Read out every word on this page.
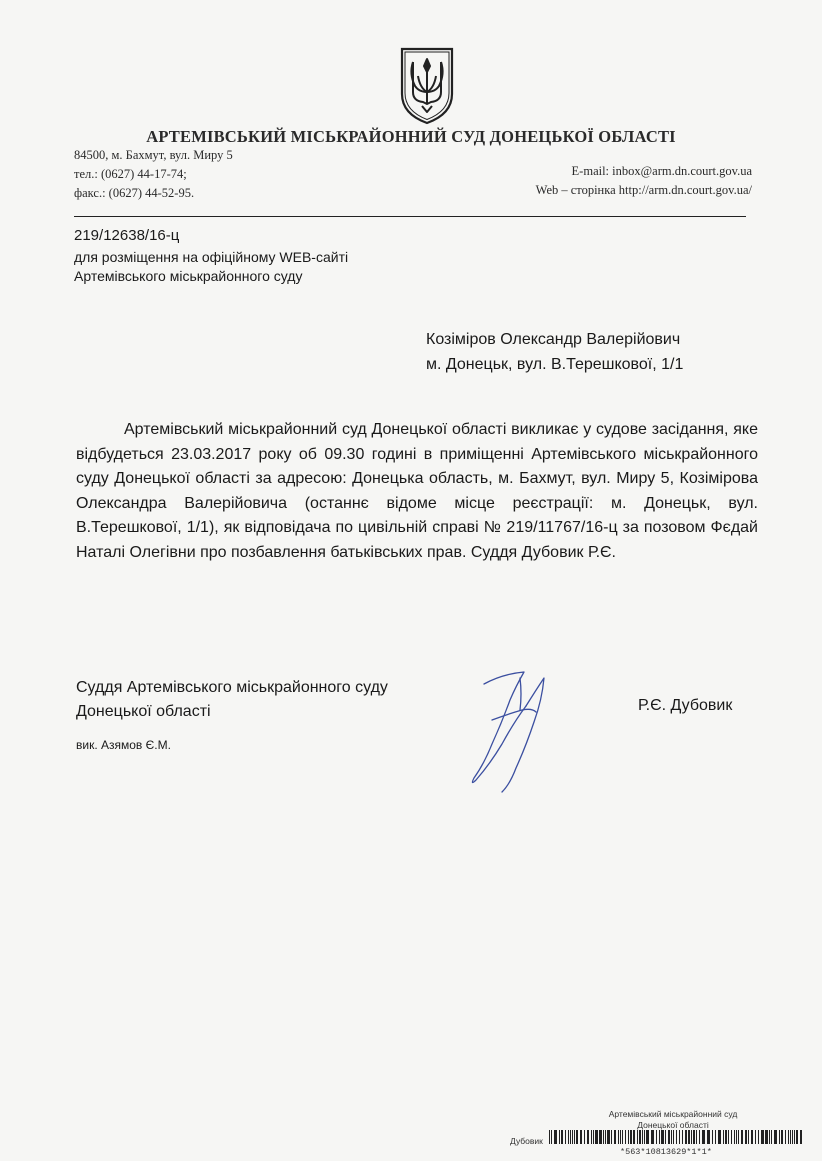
АРТЕМІВСЬКИЙ МІСЬКРАЙОННИЙ СУД ДОНЕЦЬКОЇ ОБЛАСТІ
84500, м. Бахмут, вул. Миру 5
тел.: (0627) 44-17-74;
факс.: (0627) 44-52-95.
E-mail: inbox@arm.dn.court.gov.ua
Web – сторінка http://arm.dn.court.gov.ua/
219/12638/16-ц
для розміщення на офіційному WEB-сайті
Артемівського міськрайонного суду
Козіміров Олександр Валерійович
м. Донецьк, вул. В.Терешкової, 1/1
Артемівський міськрайонний суд Донецької області викликає у судове засідання, яке відбудеться 23.03.2017 року об 09.30 годині в приміщенні Артемівського міськрайонного суду Донецької області за адресою: Донецька область, м. Бахмут, вул. Миру 5, Козімірова Олександра Валерійовича (останнє відоме місце реєстрації: м. Донецьк, вул. В.Терешкової, 1/1), як відповідача по цивільній справі № 219/11767/16-ц за позовом Фєдай Наталі Олегівни про позбавлення батьківських прав. Суддя Дубовик Р.Є.
Суддя Артемівського міськрайонного суду
Донецької області	Р.Є. Дубовик
вик. Азямов Є.М.
Артемівський міськрайонний суд
Донецької області
Дубовик
*563*10813629*1*1*
